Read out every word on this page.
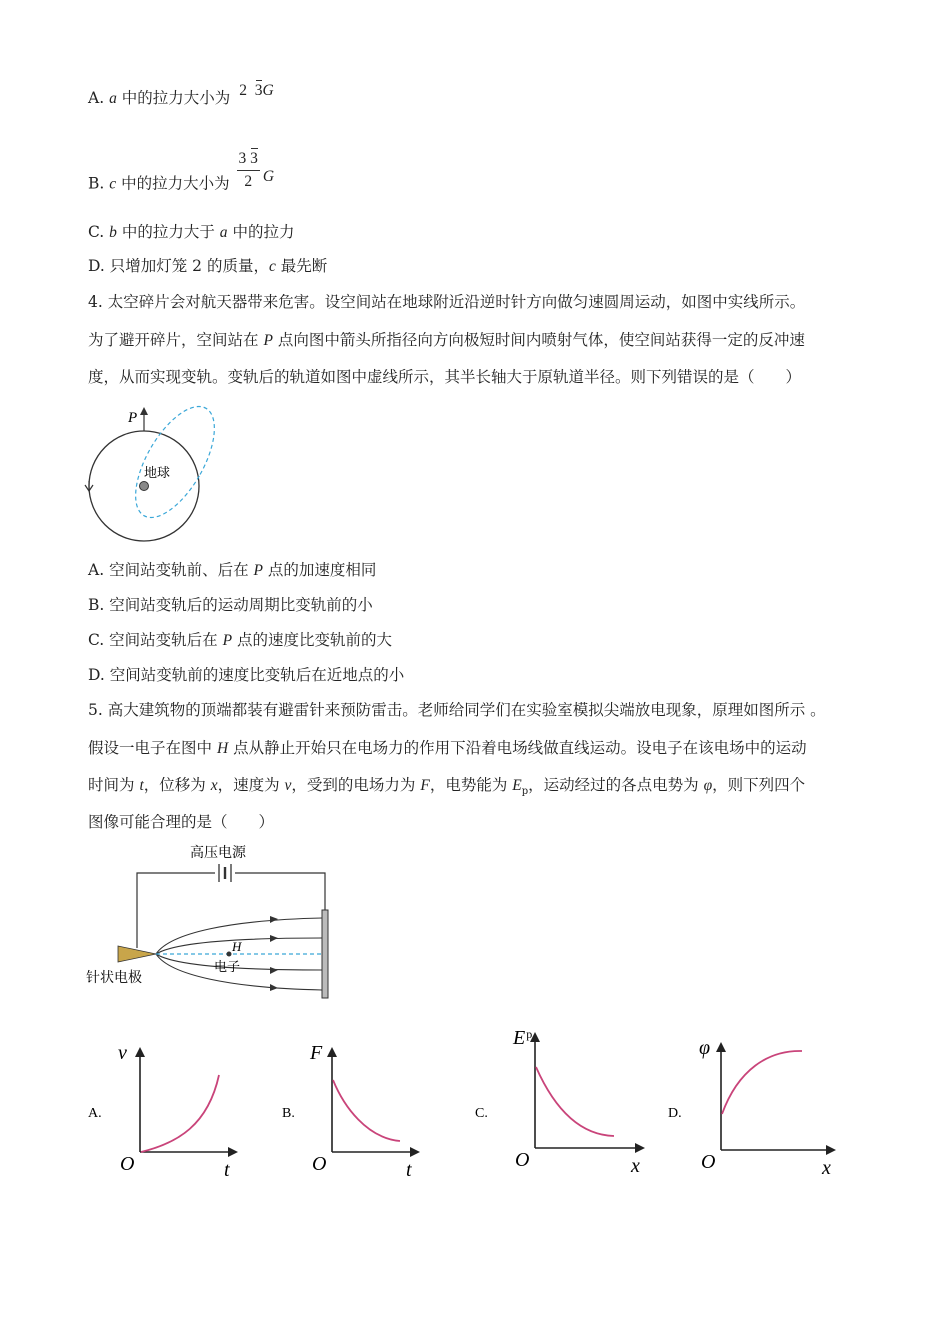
A. a 中的拉力大小为 2 3G
B. c 中的拉力大小为 $\frac{3 3}{2}$ G
C. b 中的拉力大于 a 中的拉力
D. 只增加灯笼 2 的质量，c 最先断
4. 太空碎片会对航天器带来危害。设空间站在地球附近沿逆时针方向做匀速圆周运动，如图中实线所示。
为了避开碎片，空间站在 P 点向图中箭头所指径向方向极短时间内喷射气体，使空间站获得一定的反冲速
度，从而实现变轨。变轨后的轨道如图中虚线所示，其半长轴大于原轨道半径。则下列错误的是（　　）
P
地球
A. 空间站变轨前、后在 P 点的加速度相同
B. 空间站变轨后的运动周期比变轨前的小
C. 空间站变轨后在 P 点的速度比变轨前的大
D. 空间站变轨前的速度比变轨后在近地点的小
5. 高大建筑物的顶端都装有避雷针来预防雷击。老师给同学们在实验室模拟尖端放电现象，原理如图所示 。
假设一电子在图中 H 点从静止开始只在电场力的作用下沿着电场线做直线运动。设电子在该电场中的运动
时间为 t，位移为 x，速度为 v，受到的电场力为 F，电势能为 $E_p$，运动经过的各点电势为 φ，则下列四个
图像可能合理的是（　　）
高压电源
H
电子
针状电极
A.
v
t
O
B.
F
t
O
C.
$E^p$
x
O
D.
φ
x
O
